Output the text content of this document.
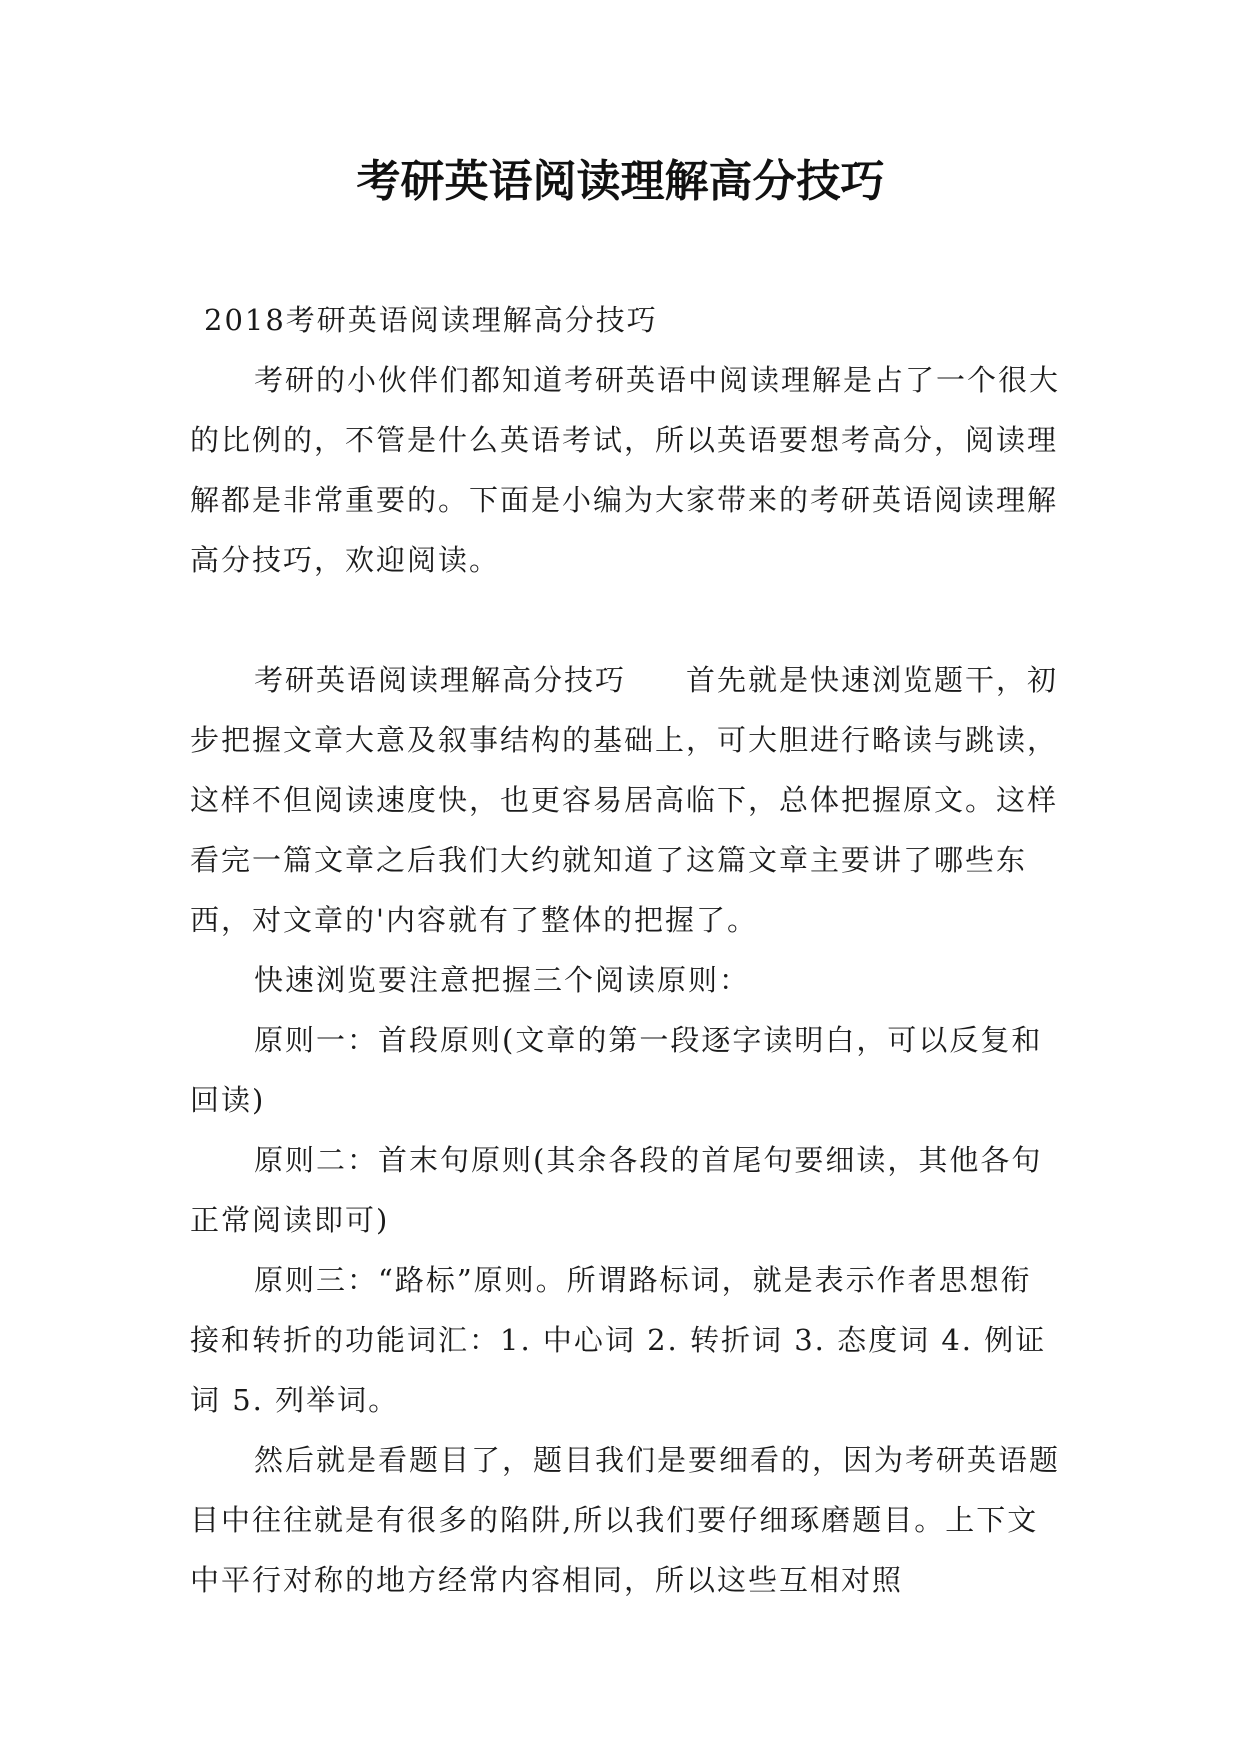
考研英语阅读理解高分技巧

2018考研英语阅读理解高分技巧

考研的小伙伴们都知道考研英语中阅读理解是占了一个很大的比例的，不管是什么英语考试，所以英语要想考高分，阅读理解都是非常重要的。下面是小编为大家带来的考研英语阅读理解高分技巧，欢迎阅读。

考研英语阅读理解高分技巧 首先就是快速浏览题干，初步把握文章大意及叙事结构的基础上，可大胆进行略读与跳读，这样不但阅读速度快，也更容易居高临下，总体把握原文。这样看完一篇文章之后我们大约就知道了这篇文章主要讲了哪些东西，对文章的'内容就有了整体的把握了。

快速浏览要注意把握三个阅读原则：

原则一：首段原则(文章的第一段逐字读明白，可以反复和回读)

原则二：首末句原则(其余各段的首尾句要细读，其他各句正常阅读即可)

原则三：“路标”原则。所谓路标词，就是表示作者思想衔接和转折的功能词汇：1. 中心词 2. 转折词 3. 态度词 4. 例证词 5. 列举词。

然后就是看题目了，题目我们是要细看的，因为考研英语题目中往往就是有很多的陷阱,所以我们要仔细琢磨题目。上下文中平行对称的地方经常内容相同，所以这些互相对照
